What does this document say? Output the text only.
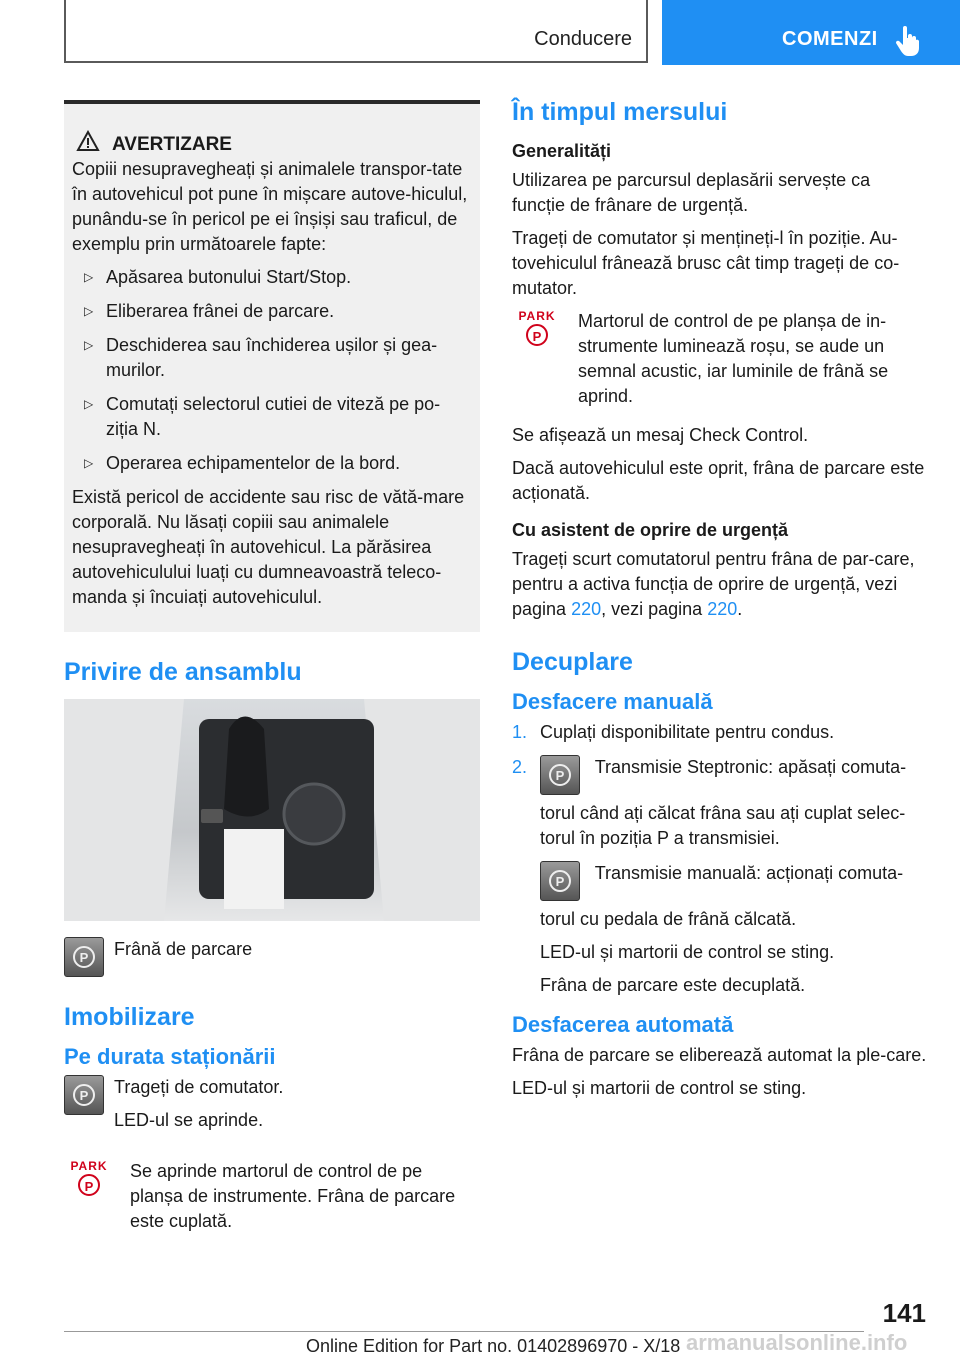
Conducere	COMENZI
AVERTIZARE

Copiii nesupravegheați și animalele transpor-tate în autovehicul pot pune în mișcare autove-hiculul, punându-se în pericol pe ei înșiși sau traficul, de exemplu prin următoarele fapte:

▷ Apăsarea butonului Start/Stop.
▷ Eliberarea frânei de parcare.
▷ Deschiderea sau închiderea ușilor și gea-murilor.
▷ Comutați selectorul cutiei de viteză pe po-ziția N.
▷ Operarea echipamentelor de la bord.

Există pericol de accidente sau risc de vătă-mare corporală. Nu lăsați copiii sau animalele nesupravegheați în autovehicul. La părăsirea autovehiculului luați cu dumneavoastră teleco-manda și încuiați autovehiculul.

Privire de ansamblu
P	Frână de parcare
Imobilizare
Pe durata staționării
P	Trageți de comutator.

LED-ul se aprinde.

PARK
P

Se aprinde martorul de control de pe planșa de instrumente. Frâna de parcare este cuplată.

În timpul mersului
Generalități

Utilizarea pe parcursul deplasării servește ca funcție de frânare de urgență.

Trageți de comutator și mențineți-l în poziție. Au-tovehiculul frânează brusc cât timp trageți de co-mutator.

PARK
P

Martorul de control de pe planșa de in-strumente luminează roșu, se aude un semnal acustic, iar luminile de frână se aprind.

Se afișează un mesaj Check Control.

Dacă autovehiculul este oprit, frâna de parcare este acționată.

Cu asistent de oprire de urgență

Trageți scurt comutatorul pentru frâna de par-care, pentru a activa funcția de oprire de urgență, vezi pagina 220, vezi pagina 220.

Decuplare
Desfacere manuală
1. Cuplați disponibilitate pentru condus.
2.	P	Transmisie Steptronic: apăsați comuta-torul când ați călcat frâna sau ați cuplat selec-torul în poziția P a transmisiei.
P	Transmisie manuală: acționați comuta-torul cu pedala de frână călcată.

LED-ul și martorii de control se sting.

Frâna de parcare este decuplată.

Desfacerea automată

Frâna de parcare se eliberează automat la ple-care.

LED-ul și martorii de control se sting.

141
Online Edition for Part no. 01402896970 - X/18 armanualsonline.info
